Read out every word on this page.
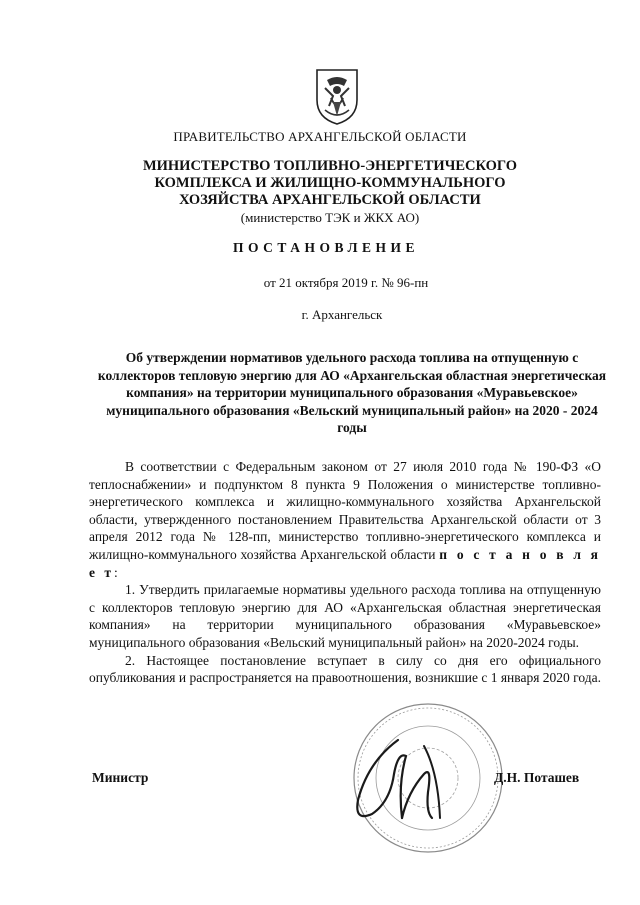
ПРАВИТЕЛЬСТВО АРХАНГЕЛЬСКОЙ ОБЛАСТИ
МИНИСТЕРСТВО ТОПЛИВНО-ЭНЕРГЕТИЧЕСКОГО
КОМПЛЕКСА И ЖИЛИЩНО-КОММУНАЛЬНОГО
ХОЗЯЙСТВА АРХАНГЕЛЬСКОЙ ОБЛАСТИ
(министерство ТЭК и ЖКХ АО)
ПОСТАНОВЛЕНИЕ
от 21 октября 2019 г. № 96-пн
г. Архангельск
Об утверждении нормативов удельного расхода топлива на отпущенную с коллекторов тепловую энергию для АО «Архангельская областная энергетическая компания» на территории муниципального образования «Муравьевское» муниципального образования «Вельский муниципальный район» на 2020 - 2024 годы

В соответствии с Федеральным законом от 27 июля 2010 года № 190-ФЗ «О теплоснабжении» и подпунктом 8 пункта 9 Положения о министерстве топливно-энергетического комплекса и жилищно-коммунального хозяйства Архангельской области, утвержденного постановлением Правительства Архангельской области от 3 апреля 2012 года № 128-пп, министерство топливно-энергетического комплекса и жилищно-коммунального хозяйства Архангельской области п о с т а н о в л я е т:

1. Утвердить прилагаемые нормативы удельного расхода топлива на отпущенную с коллекторов тепловую энергию для АО «Архангельская областная энергетическая компания» на территории муниципального образования «Муравьевское» муниципального образования «Вельский муниципальный район» на 2020-2024 годы.

2. Настоящее постановление вступает в силу со дня его официального опубликования и распространяется на правоотношения, возникшие с 1 января 2020 года.

Министр	Д.Н. Поташев
